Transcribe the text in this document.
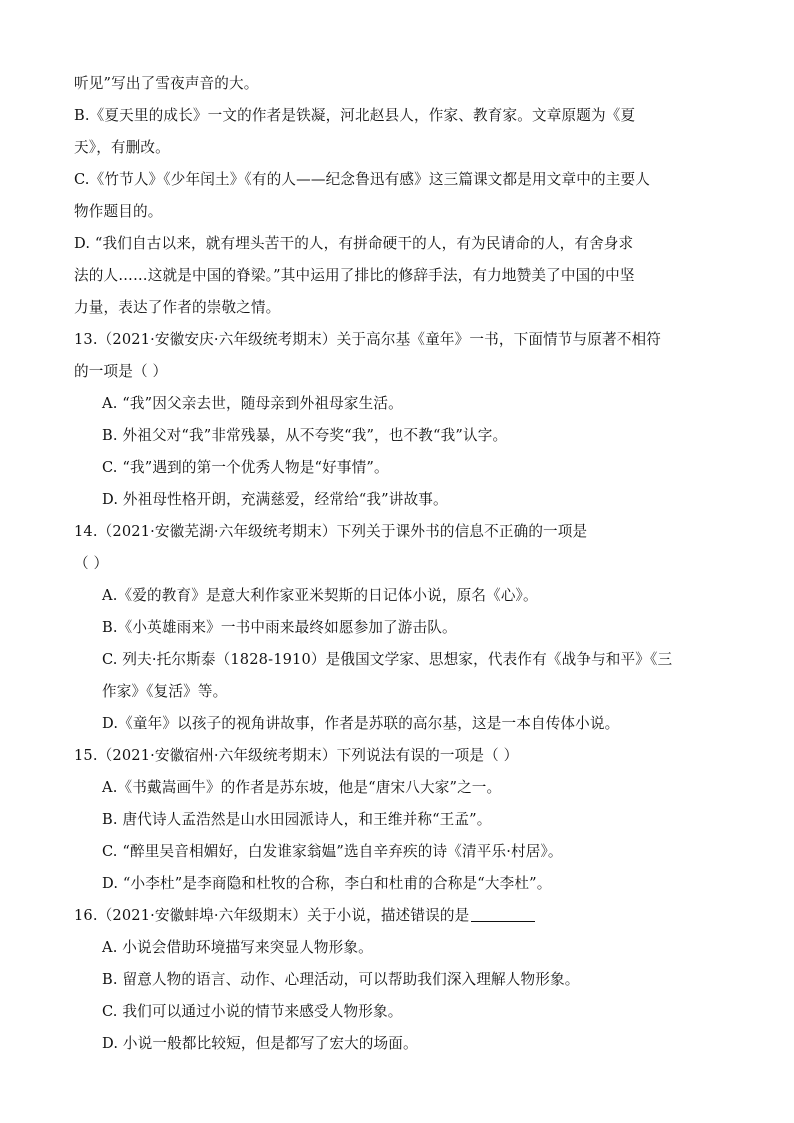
听见”写出了雪夜声音的大。
B.《夏天里的成长》一文的作者是铁凝，河北赵县人，作家、教育家。文章原题为《夏
天》，有删改。
C.《竹节人》《少年闰土》《有的人——纪念鲁迅有感》这三篇课文都是用文章中的主要人
物作题目的。
D. “我们自古以来，就有埋头苦干的人，有拼命硬干的人，有为民请命的人，有舍身求
法的人……这就是中国的脊梁。”其中运用了排比的修辞手法，有力地赞美了中国的中坚
力量，表达了作者的崇敬之情。
13.（2021·安徽安庆·六年级统考期末）关于高尔基《童年》一书，下面情节与原著不相符
的一项是（ ）
A. “我”因父亲去世，随母亲到外祖母家生活。
B. 外祖父对“我”非常残暴，从不夸奖“我”，也不教“我”认字。
C. “我”遇到的第一个优秀人物是“好事情”。
D. 外祖母性格开朗，充满慈爱，经常给“我”讲故事。
14.（2021·安徽芜湖·六年级统考期末）下列关于课外书的信息不正确的一项是
（ ）
A.《爱的教育》是意大利作家亚米契斯的日记体小说，原名《心》。
B.《小英雄雨来》一书中雨来最终如愿参加了游击队。
C. 列夫·托尔斯泰（1828-1910）是俄国文学家、思想家，代表作有《战争与和平》《三
作家》《复活》等。
D.《童年》以孩子的视角讲故事，作者是苏联的高尔基，这是一本自传体小说。
15.（2021·安徽宿州·六年级统考期末）下列说法有误的一项是（ ）
A.《书戴嵩画牛》的作者是苏东坡，他是“唐宋八大家”之一。
B. 唐代诗人孟浩然是山水田园派诗人，和王维并称“王孟”。
C. “醉里吴音相媚好，白发谁家翁媪”选自辛弃疾的诗《清平乐·村居》。
D. “小李杜”是李商隐和杜牧的合称，李白和杜甫的合称是“大李杜”。
16.（2021·安徽蚌埠·六年级期末）关于小说，描述错误的是
A. 小说会借助环境描写来突显人物形象。
B. 留意人物的语言、动作、心理活动，可以帮助我们深入理解人物形象。
C. 我们可以通过小说的情节来感受人物形象。
D. 小说一般都比较短，但是都写了宏大的场面。
